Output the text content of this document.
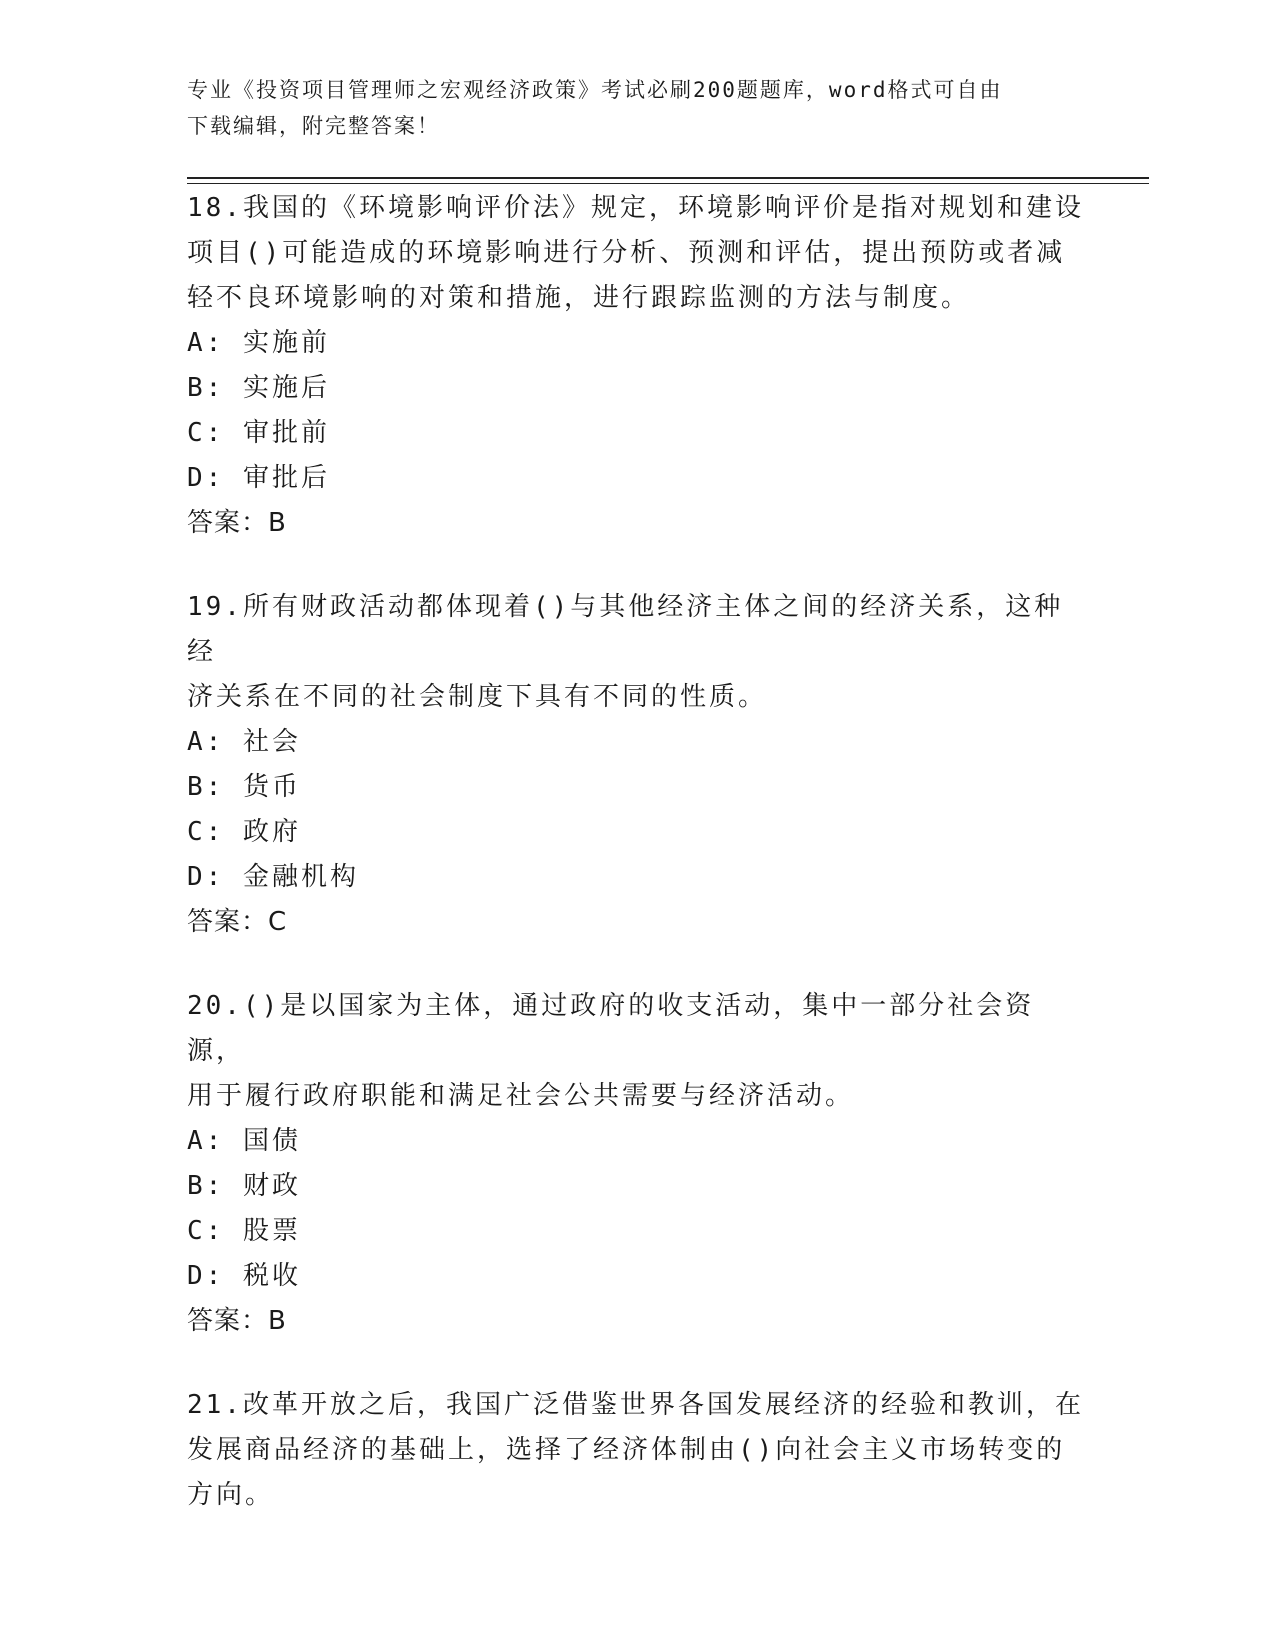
专业《投资项目管理师之宏观经济政策》考试必刷200题题库，word格式可自由

下载编辑，附完整答案！

18.我国的《环境影响评价法》规定，环境影响评价是指对规划和建设

项目()可能造成的环境影响进行分析、预测和评估，提出预防或者减

轻不良环境影响的对策和措施，进行跟踪监测的方法与制度。

A: 实施前

B: 实施后

C: 审批前

D: 审批后

答案：B

19.所有财政活动都体现着()与其他经济主体之间的经济关系，这种经

济关系在不同的社会制度下具有不同的性质。

A: 社会

B: 货币

C: 政府

D: 金融机构

答案：C

20.()是以国家为主体，通过政府的收支活动，集中一部分社会资源，

用于履行政府职能和满足社会公共需要与经济活动。

A: 国债

B: 财政

C: 股票

D: 税收

答案：B

21.改革开放之后，我国广泛借鉴世界各国发展经济的经验和教训，在

发展商品经济的基础上，选择了经济体制由()向社会主义市场转变的

方向。
